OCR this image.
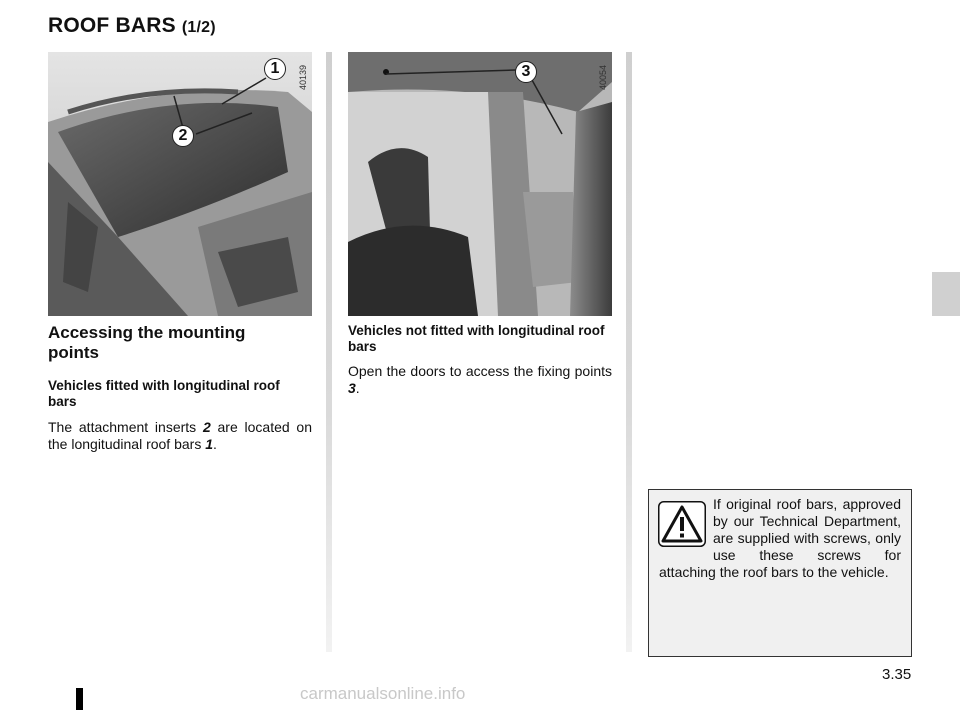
ROOF BARS (1/2)
40139	40054
1
2
3
Accessing the mounting points
Vehicles fitted with longitudinal roof bars
The attachment inserts 2 are located on the longitudinal roof bars 1.
Vehicles not fitted with longitudinal roof bars
Open the doors to access the fixing points 3.
If original roof bars, approved by our Technical Department, are supplied with screws, only use these screws for attaching the roof bars to the vehicle.
3.35
carmanualsonline.info
